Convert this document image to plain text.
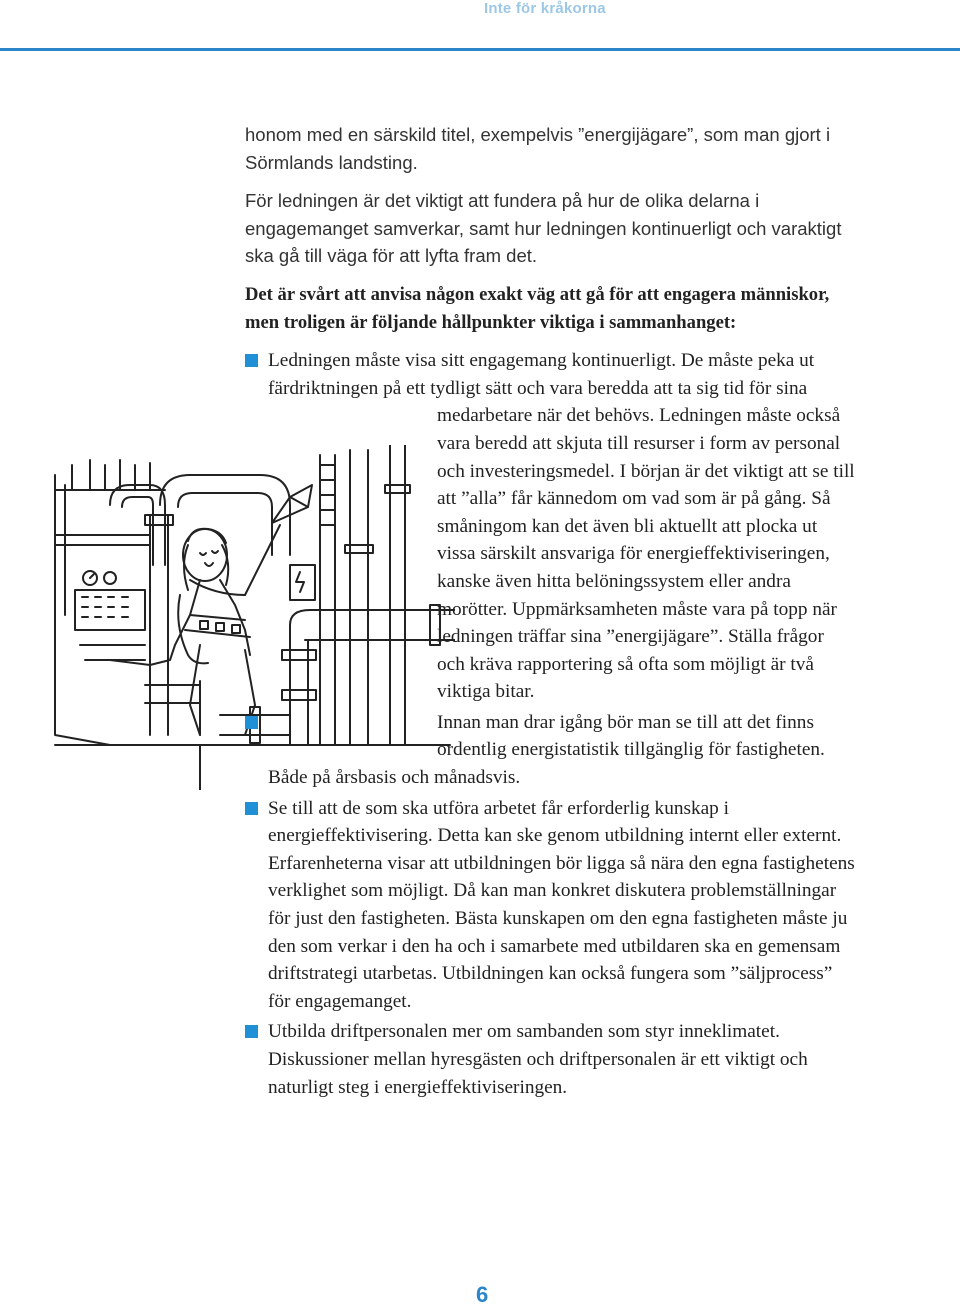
Inte för kråkorna

honom med en särskild titel, exempelvis ”energijägare”, som man gjort i Sörmlands landsting.

För ledningen är det viktigt att fundera på hur de olika delarna i engagemanget samverkar, samt hur ledningen kontinuerligt och varaktigt ska gå till väga för att lyfta fram det.

Det är svårt att anvisa någon exakt väg att gå för att engagera människor, men troligen är följande hållpunkter viktiga i sammanhanget:

Ledningen måste visa sitt engagemang kontinuerligt. De måste peka ut färdriktningen på ett tydligt sätt och vara beredda att ta
sig tid för sina medarbetare när det behövs. Ledningen måste också vara beredd att skjuta till resurser i form av personal och investeringsmedel. I början är det viktigt att se till att ”alla” får kännedom om vad som är på gång. Så småningom kan det även bli aktuellt att plocka ut vissa särskilt ansvariga för energieffektiviseringen, kanske även hitta belöningssystem eller andra morötter. Uppmärksamheten måste vara på topp när ledningen träffar sina ”energijägare”. Ställa frågor och kräva rapportering så ofta som möjligt är två viktiga bitar.
Innan man drar igång bör man se till att det finns ordentlig energistatistik tillgänglig för fastigheten. Både på årsbasis och månadsvis.
Se till att de som ska utföra arbetet får erforderlig kunskap i energieffektivisering. Detta kan ske genom utbildning internt eller externt. Erfarenheterna visar att utbildningen bör ligga så nära den egna fastighetens verklighet som möjligt. Då kan man konkret diskutera problemställningar för just den fastigheten. Bästa kunskapen om den egna fastigheten måste ju den som verkar i den ha och i samarbete med utbildaren ska en gemensam driftstrategi utarbetas. Utbildningen kan också fungera som ”säljprocess” för engagemanget.
Utbilda driftpersonalen mer om sambanden som styr inneklimatet. Diskussioner mellan hyresgästen och driftpersonalen är ett viktigt och naturligt steg i energieffektiviseringen.
6
